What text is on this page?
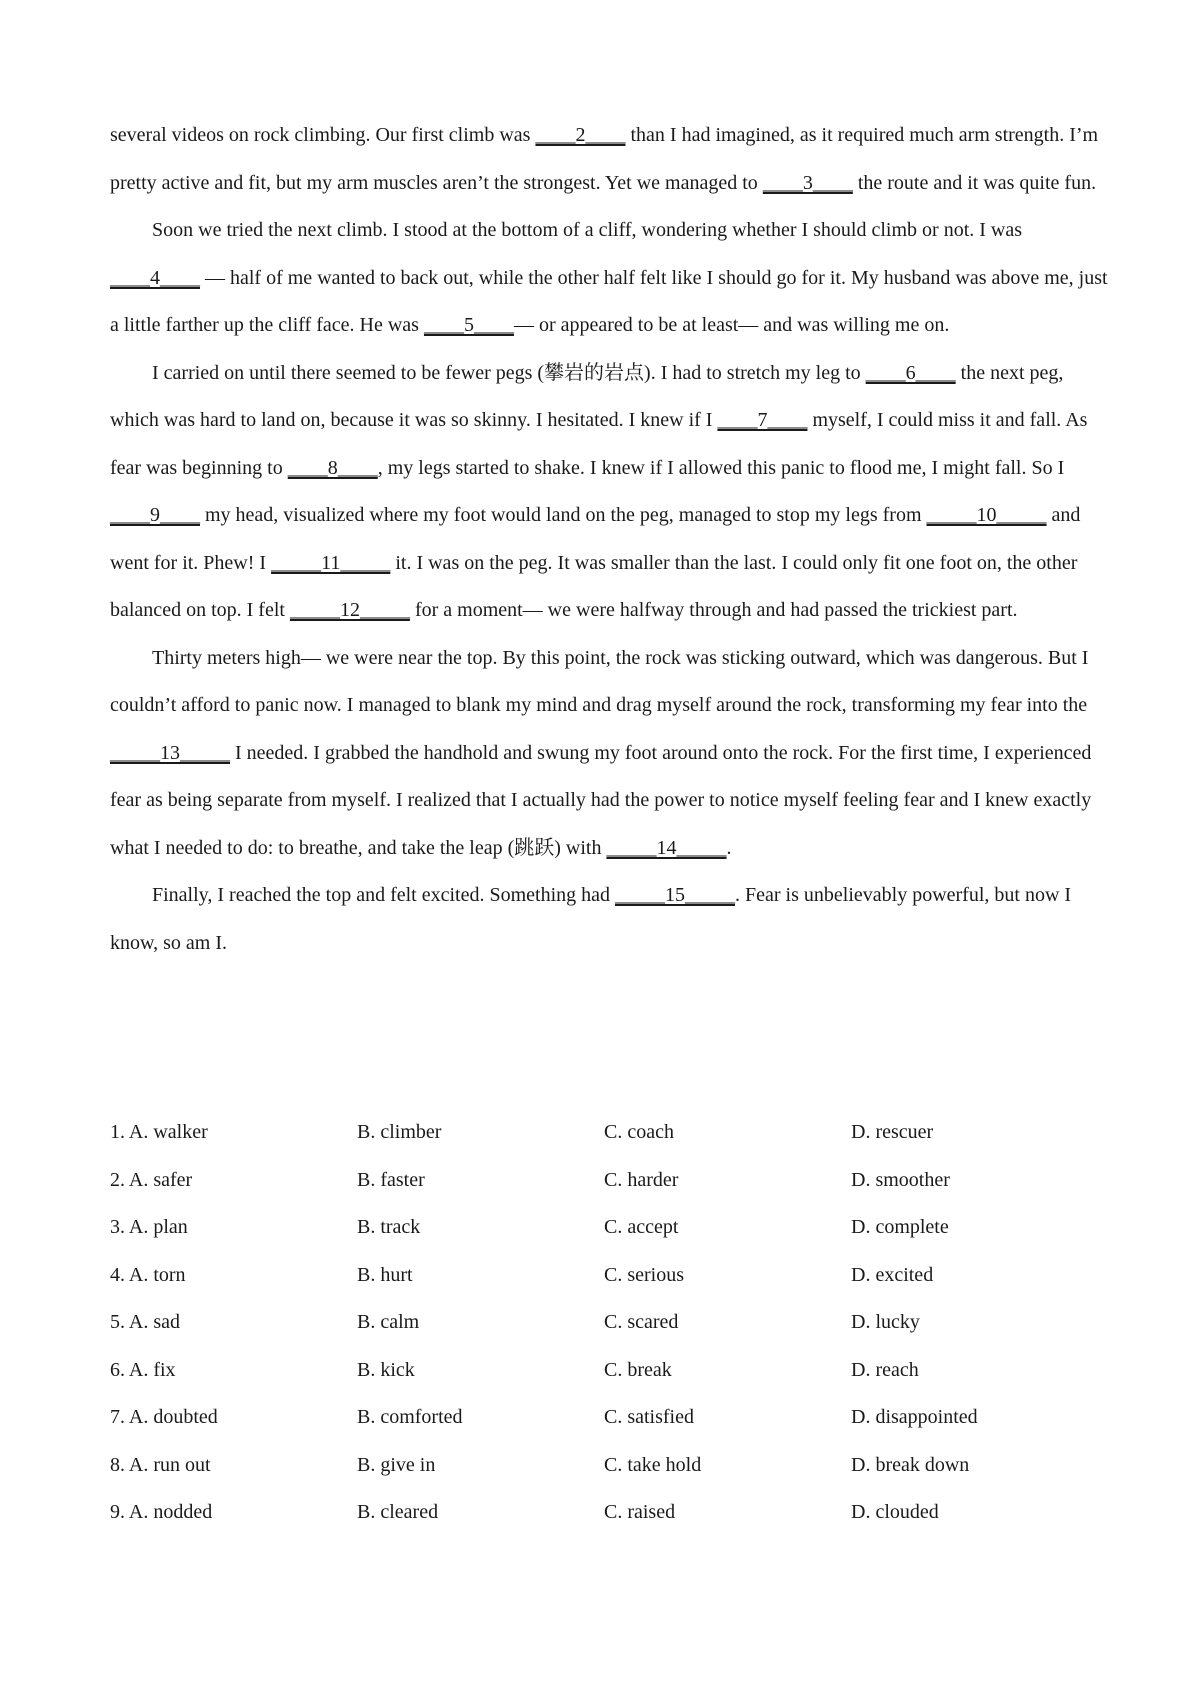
several videos on rock climbing. Our first climb was ____2____ than I had imagined, as it required much arm strength. I’m pretty active and fit, but my arm muscles aren’t the strongest. Yet we managed to ____3____ the route and it was quite fun.

Soon we tried the next climb. I stood at the bottom of a cliff, wondering whether I should climb or not. I was ____4____ — half of me wanted to back out, while the other half felt like I should go for it. My husband was above me, just a little farther up the cliff face. He was ____5____— or appeared to be at least— and was willing me on.

I carried on until there seemed to be fewer pegs (攀岩的岩点). I had to stretch my leg to ____6____ the next peg, which was hard to land on, because it was so skinny. I hesitated. I knew if I ____7____ myself, I could miss it and fall. As fear was beginning to ____8____, my legs started to shake. I knew if I allowed this panic to flood me, I might fall. So I ____9____ my head, visualized where my foot would land on the peg, managed to stop my legs from _____10_____ and went for it. Phew! I _____11_____ it. I was on the peg. It was smaller than the last. I could only fit one foot on, the other balanced on top. I felt _____12_____ for a moment— we were halfway through and had passed the trickiest part.

Thirty meters high— we were near the top. By this point, the rock was sticking outward, which was dangerous. But I couldn’t afford to panic now. I managed to blank my mind and drag myself around the rock, transforming my fear into the _____13_____ I needed. I grabbed the handhold and swung my foot around onto the rock. For the first time, I experienced fear as being separate from myself. I realized that I actually had the power to notice myself feeling fear and I knew exactly what I needed to do: to breathe, and take the leap (跳跃) with _____14_____.

Finally, I reached the top and felt excited. Something had _____15_____. Fear is unbelievably powerful, but now I know, so am I.

1. A. walker	B. climber	C. coach	D. rescuer
2. A. safer	B. faster	C. harder	D. smoother
3. A. plan	B. track	C. accept	D. complete
4. A. torn	B. hurt	C. serious	D. excited
5. A. sad	B. calm	C. scared	D. lucky
6. A. fix	B. kick	C. break	D. reach
7. A. doubted	B. comforted	C. satisfied	D. disappointed
8. A. run out	B. give in	C. take hold	D. break down
9. A. nodded	B. cleared	C. raised	D. clouded
